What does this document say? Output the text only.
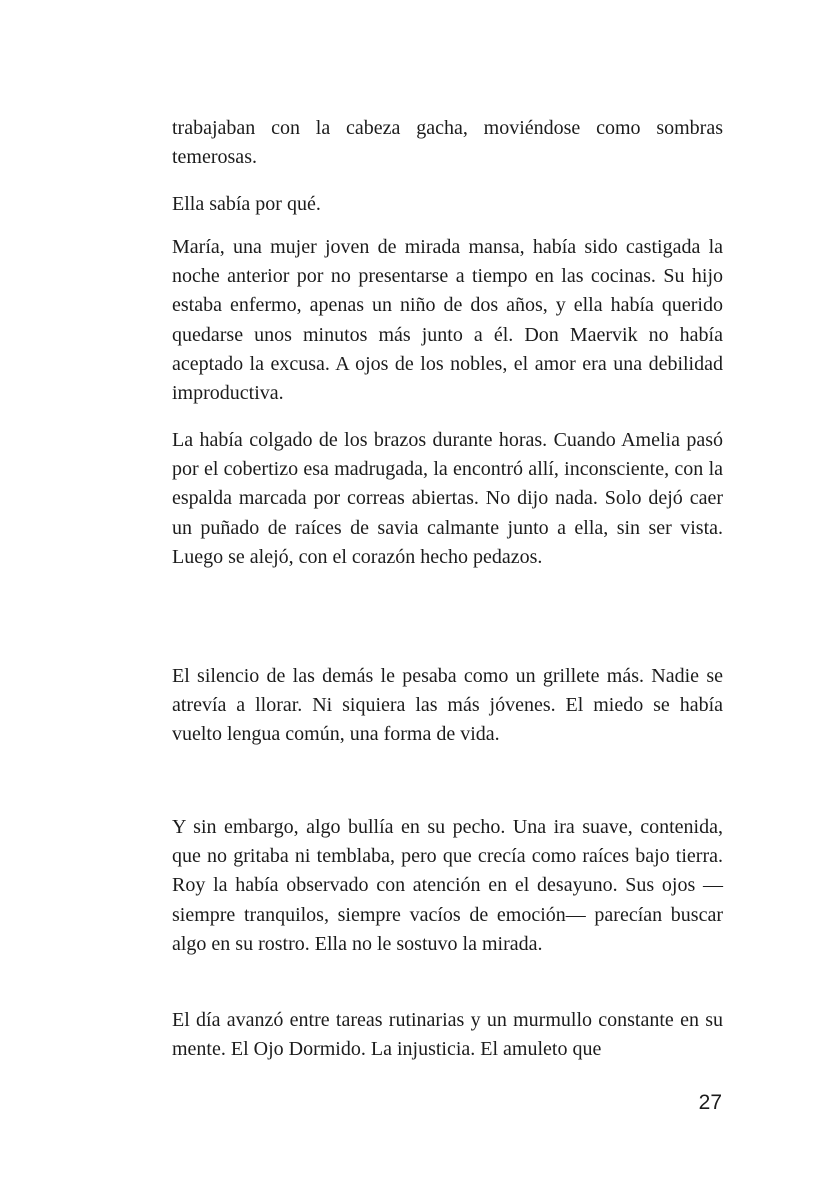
trabajaban con la cabeza gacha, moviéndose como sombras temerosas.

Ella sabía por qué.

María, una mujer joven de mirada mansa, había sido castigada la noche anterior por no presentarse a tiempo en las cocinas. Su hijo estaba enfermo, apenas un niño de dos años, y ella había querido quedarse unos minutos más junto a él. Don Maervik no había aceptado la excusa. A ojos de los nobles, el amor era una debilidad improductiva.

La había colgado de los brazos durante horas. Cuando Amelia pasó por el cobertizo esa madrugada, la encontró allí, inconsciente, con la espalda marcada por correas abiertas. No dijo nada. Solo dejó caer un puñado de raíces de savia calmante junto a ella, sin ser vista. Luego se alejó, con el corazón hecho pedazos.

El silencio de las demás le pesaba como un grillete más. Nadie se atrevía a llorar. Ni siquiera las más jóvenes. El miedo se había vuelto lengua común, una forma de vida.

Y sin embargo, algo bullía en su pecho. Una ira suave, contenida, que no gritaba ni temblaba, pero que crecía como raíces bajo tierra. Roy la había observado con atención en el desayuno. Sus ojos —siempre tranquilos, siempre vacíos de emoción— parecían buscar algo en su rostro. Ella no le sostuvo la mirada.

El día avanzó entre tareas rutinarias y un murmullo constante en su mente. El Ojo Dormido. La injusticia. El amuleto que

27
